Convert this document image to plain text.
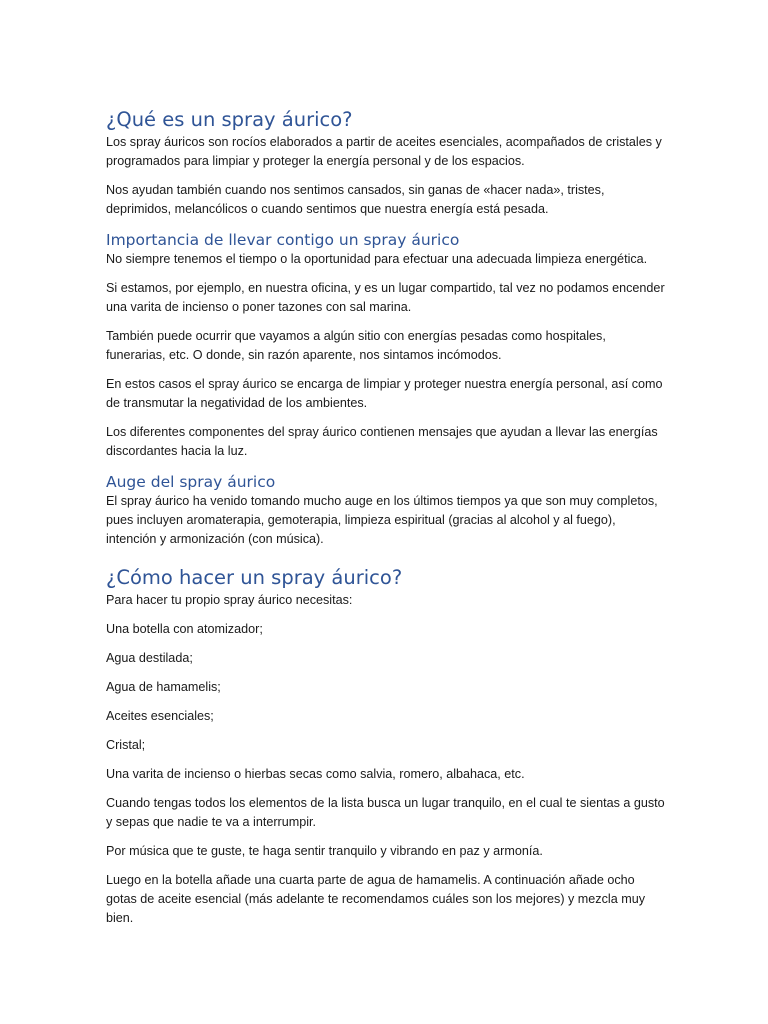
¿Qué es un spray áurico?

Los spray áuricos son rocíos elaborados a partir de aceites esenciales, acompañados de cristales y programados para limpiar y proteger la energía personal y de los espacios.

Nos ayudan también cuando nos sentimos cansados, sin ganas de «hacer nada», tristes, deprimidos, melancólicos o cuando sentimos que nuestra energía está pesada.

Importancia de llevar contigo un spray áurico

No siempre tenemos el tiempo o la oportunidad para efectuar una adecuada limpieza energética.

Si estamos, por ejemplo, en nuestra oficina, y es un lugar compartido, tal vez no podamos encender una varita de incienso o poner tazones con sal marina.

También puede ocurrir que vayamos a algún sitio con energías pesadas como hospitales, funerarias, etc. O donde, sin razón aparente, nos sintamos incómodos.

En estos casos el spray áurico se encarga de limpiar y proteger nuestra energía personal, así como de transmutar la negatividad de los ambientes.

Los diferentes componentes del spray áurico contienen mensajes que ayudan a llevar las energías discordantes hacia la luz.

Auge del spray áurico

El spray áurico ha venido tomando mucho auge en los últimos tiempos ya que son muy completos, pues incluyen aromaterapia, gemoterapia, limpieza espiritual (gracias al alcohol y al fuego), intención y armonización (con música).

¿Cómo hacer un spray áurico?

Para hacer tu propio spray áurico necesitas:

Una botella con atomizador;

Agua destilada;

Agua de hamamelis;

Aceites esenciales;

Cristal;

Una varita de incienso o hierbas secas como salvia, romero, albahaca, etc.

Cuando tengas todos los elementos de la lista busca un lugar tranquilo, en el cual te sientas a gusto y sepas que nadie te va a interrumpir.

Por música que te guste, te haga sentir tranquilo y vibrando en paz y armonía.

Luego en la botella añade una cuarta parte de agua de hamamelis. A continuación añade ocho gotas de aceite esencial (más adelante te recomendamos cuáles son los mejores) y mezcla muy bien.
